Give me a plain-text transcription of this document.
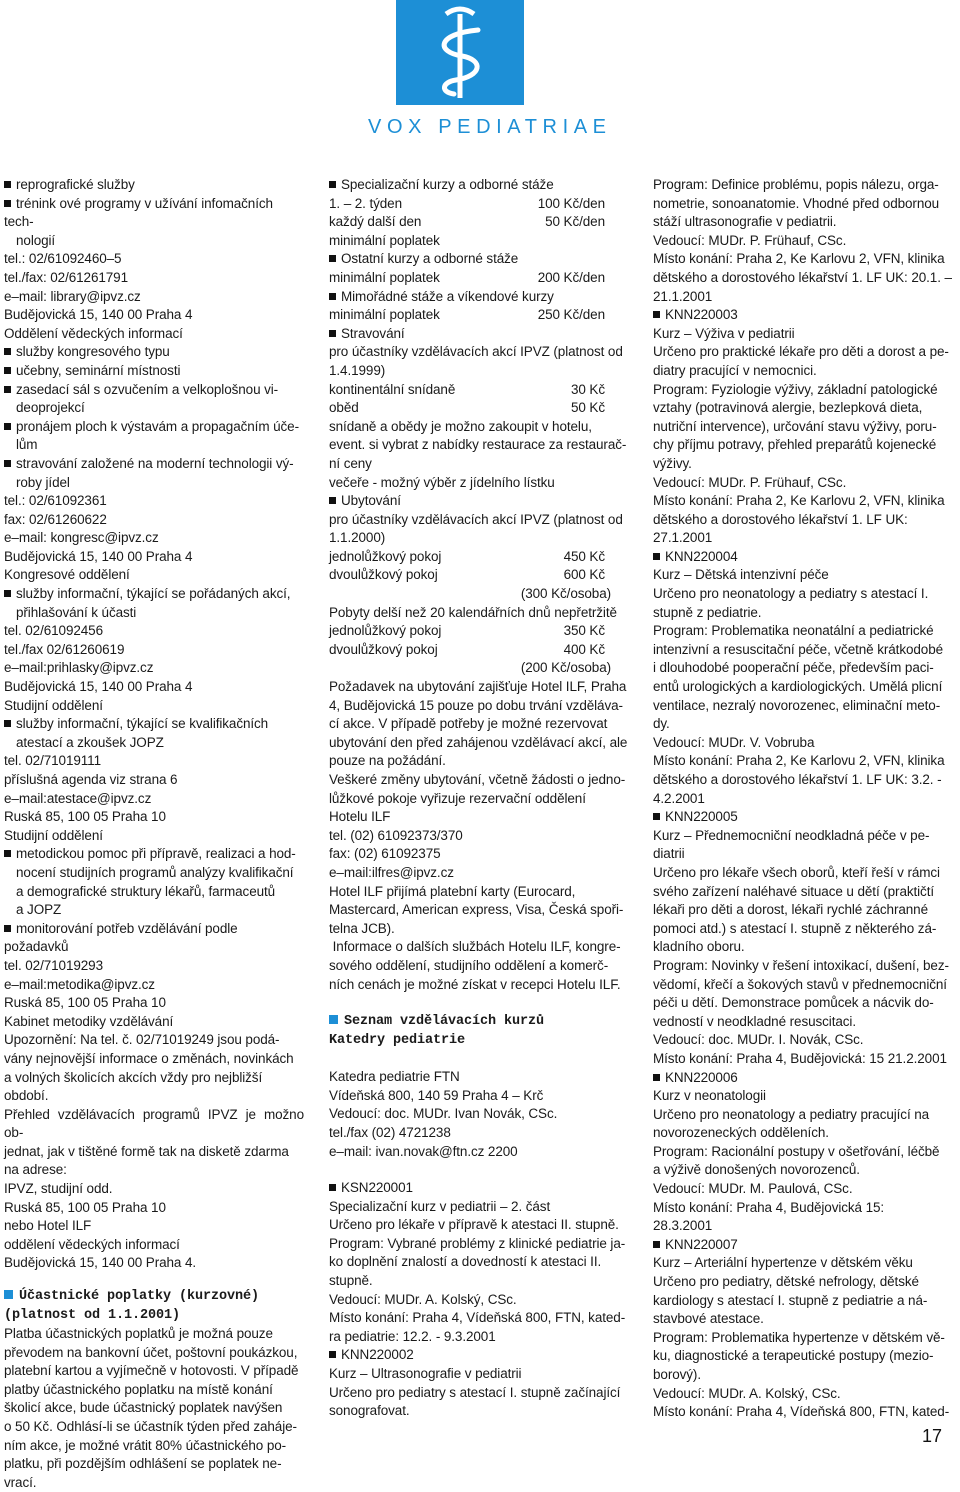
VOX PEDIATRIAE

reprografické služby

trénink ové programy v užívání infomačních tech-

nologií

tel.: 02/61092460–5

tel./fax: 02/61261791

e–mail: library@ipvz.cz

Budějovická 15, 140 00 Praha 4

Oddělení vědeckých informací

služby kongresového typu

učebny, seminární místnosti

zasedací sál s ozvučením a velkoplošnou vi-

deoprojekcí

pronájem ploch k výstavám a propagačním úče-

lům

stravování založené na moderní technologii vý-

roby jídel

tel.: 02/61092361

fax: 02/61260622

e–mail: kongresc@ipvz.cz

Budějovická 15, 140 00 Praha 4

Kongresové oddělení

služby informační, týkající se pořádaných akcí,

přihlašování k účasti

tel. 02/61092456

tel./fax 02/61260619

e–mail:prihlasky@ipvz.cz

Budějovická 15, 140 00 Praha 4

Studijní oddělení

služby informační, týkající se kvalifikačních

atestací a zkoušek JOPZ

tel. 02/71019111

příslušná agenda viz strana 6

e–mail:atestace@ipvz.cz

Ruská 85, 100 05 Praha 10

Studijní oddělení

metodickou pomoc při přípravě, realizaci a hod-

nocení studijních programů analýzy kvalifikační

a demografické struktury lékařů, farmaceutů

a JOPZ

monitorování potřeb vzdělávání podle požadavků

tel. 02/71019293

e–mail:metodika@ipvz.cz

Ruská 85, 100 05 Praha 10

Kabinet metodiky vzdělávání

Upozornění: Na tel. č. 02/71019249 jsou podá-

vány nejnovější informace o změnách, novinkách

a volných školicích akcích vždy pro nejbližší období.

Přehled vzdělávacích programů IPVZ je možno ob-

jednat, jak v tištěné formě tak na disketě zdarma

na adrese:

IPVZ, studijní odd.

Ruská 85, 100 05 Praha 10

nebo Hotel ILF

oddělení vědeckých informací

Budějovická 15, 140 00 Praha 4.

Účastnické poplatky (kurzovné)

(platnost od 1.1.2001)

Platba účastnických poplatků je možná pouze

převodem na bankovní účet, poštovní poukázkou,

platební kartou a vyjímečně v hotovosti. V případě

platby účastnického poplatku na místě konání

školicí akce, bude účastnický poplatek navýšen

o 50 Kč. Odhlásí-li se účastník týden před zaháje-

ním akce, je možné vrátit 80% účastnického po-

platku, při pozdějším odhlášení se poplatek ne-

vrací.

Specializační kurzy a odborné stáže

1. – 2. týden	100 Kč/den

každý další den	50 Kč/den

minimální poplatek

Ostatní kurzy a odborné stáže

minimální poplatek	200 Kč/den

Mimořádné stáže a víkendové kurzy

minimální poplatek	250 Kč/den

Stravování

pro účastníky vzdělávacích akcí IPVZ (platnost od

1.4.1999)

kontinentální snídaně	30 Kč

oběd	50 Kč

snídaně a obědy je možno zakoupit v hotelu,

event. si vybrat z nabídky restaurace za restaurač-

ní ceny

večeře - možný výběr z jídelního lístku

Ubytování

pro účastníky vzdělávacích akcí IPVZ (platnost od

1.1.2000)

jednolůžkový pokoj	450 Kč

dvoulůžkový pokoj	600 Kč

(300 Kč/osoba)

Pobyty delší než 20 kalendářních dnů nepřetržitě

jednolůžkový pokoj	350 Kč

dvoulůžkový pokoj	400 Kč

(200 Kč/osoba)

Požadavek na ubytování zajišťuje Hotel ILF, Praha

4, Budějovická 15 pouze po dobu trvání vzděláva-

cí akce. V případě potřeby je možné rezervovat

ubytování den před zahájenou vzdělávací akcí, ale

pouze na požádání.

Veškeré změny ubytování, včetně žádosti o jedno-

lůžkové pokoje vyřizuje rezervační oddělení

Hotelu ILF

tel. (02) 61092373/370

fax: (02) 61092375

e–mail:ilfres@ipvz.cz

Hotel ILF přijímá platební karty (Eurocard,

Mastercard, American express, Visa, Česká spoři-

telna JCB).

Informace o dalších službách Hotelu ILF, kongre-

sového oddělení, studijního oddělení a komerč-

ních cenách je možné získat v recepci Hotelu ILF.

Seznam vzdělávacích kurzů

Katedry pediatrie

Katedra pediatrie FTN

Vídeňská 800, 140 59 Praha 4 – Krč

Vedoucí: doc. MUDr. Ivan Novák, CSc.

tel./fax (02) 4721238

e–mail: ivan.novak@ftn.cz 2200

KSN220001

Specializační kurz v pediatrii – 2. část

Určeno pro lékaře v přípravě k atestaci II. stupně.

Program: Vybrané problémy z klinické pediatrie ja-

ko doplnění znalostí a dovedností k atestaci II.

stupně.

Vedoucí: MUDr. A. Kolský, CSc.

Místo konání: Praha 4, Vídeňská 800, FTN, kated-

ra pediatrie: 12.2. - 9.3.2001

KNN220002

Kurz – Ultrasonografie v pediatrii

Určeno pro pediatry s atestací I. stupně začínající

sonografovat.

Program: Definice problému, popis nálezu, orga-

nometrie, sonoanatomie. Vhodné před odbornou

stáží ultrasonografie v pediatrii.

Vedoucí: MUDr. P. Frühauf, CSc.

Místo konání: Praha 2, Ke Karlovu 2, VFN, klinika

dětského a dorostového lékařství 1. LF UK: 20.1. –

21.1.2001

KNN220003

Kurz – Výživa v pediatrii

Určeno pro praktické lékaře pro děti a dorost a pe-

diatry pracující v nemocnici.

Program: Fyziologie výživy, základní patologické

vztahy (potravinová alergie, bezlepková dieta,

nutriční intervence), určování stavu výživy, poru-

chy příjmu potravy, přehled preparátů kojenecké

výživy.

Vedoucí: MUDr. P. Frühauf, CSc.

Místo konání: Praha 2, Ke Karlovu 2, VFN, klinika

dětského a dorostového lékařství 1. LF UK:

27.1.2001

KNN220004

Kurz – Dětská intenzivní péče

Určeno pro neonatology a pediatry s atestací I.

stupně z pediatrie.

Program: Problematika neonatální a pediatrické

intenzivní a resuscitační péče, včetně krátkodobé

i dlouhodobé pooperační péče, především paci-

entů urologických a kardiologických. Umělá plicní

ventilace, nezralý novorozenec, eliminační meto-

dy.

Vedoucí: MUDr. V. Vobruba

Místo konání: Praha 2, Ke Karlovu 2, VFN, klinika

dětského a dorostového lékařství 1. LF UK: 3.2. -

4.2.2001

KNN220005

Kurz – Přednemocniční neodkladná péče v pe-

diatrii

Určeno pro lékaře všech oborů, kteří řeší v rámci

svého zařízení naléhavé situace u dětí (praktičtí

lékaři pro děti a dorost, lékaři rychlé záchranné

pomoci atd.) s atestací I. stupně z některého zá-

kladního oboru.

Program: Novinky v řešení intoxikací, dušení, bez-

vědomí, křečí a šokových stavů v přednemocniční

péči u dětí. Demonstrace pomůcek a nácvik do-

vedností v neodkladné resuscitaci.

Vedoucí: doc. MUDr. I. Novák, CSc.

Místo konání: Praha 4, Budějovická: 15 21.2.2001

KNN220006

Kurz v neonatologii

Určeno pro neonatology a pediatry pracující na

novorozeneckých odděleních.

Program: Racionální postupy v ošetřování, léčbě

a výživě donošených novorozenců.

Vedoucí: MUDr. M. Paulová, CSc.

Místo konání: Praha 4, Budějovická 15:

28.3.2001

KNN220007

Kurz – Arteriální hypertenze v dětském věku

Určeno pro pediatry, dětské nefrology, dětské

kardiology s atestací I. stupně z pediatrie a ná-

stavbové atestace.

Program: Problematika hypertenze v dětském vě-

ku, diagnostické a terapeutické postupy (mezio-

borový).

Vedoucí: MUDr. A. Kolský, CSc.

Místo konání: Praha 4, Vídeňská 800, FTN, kated-

17
